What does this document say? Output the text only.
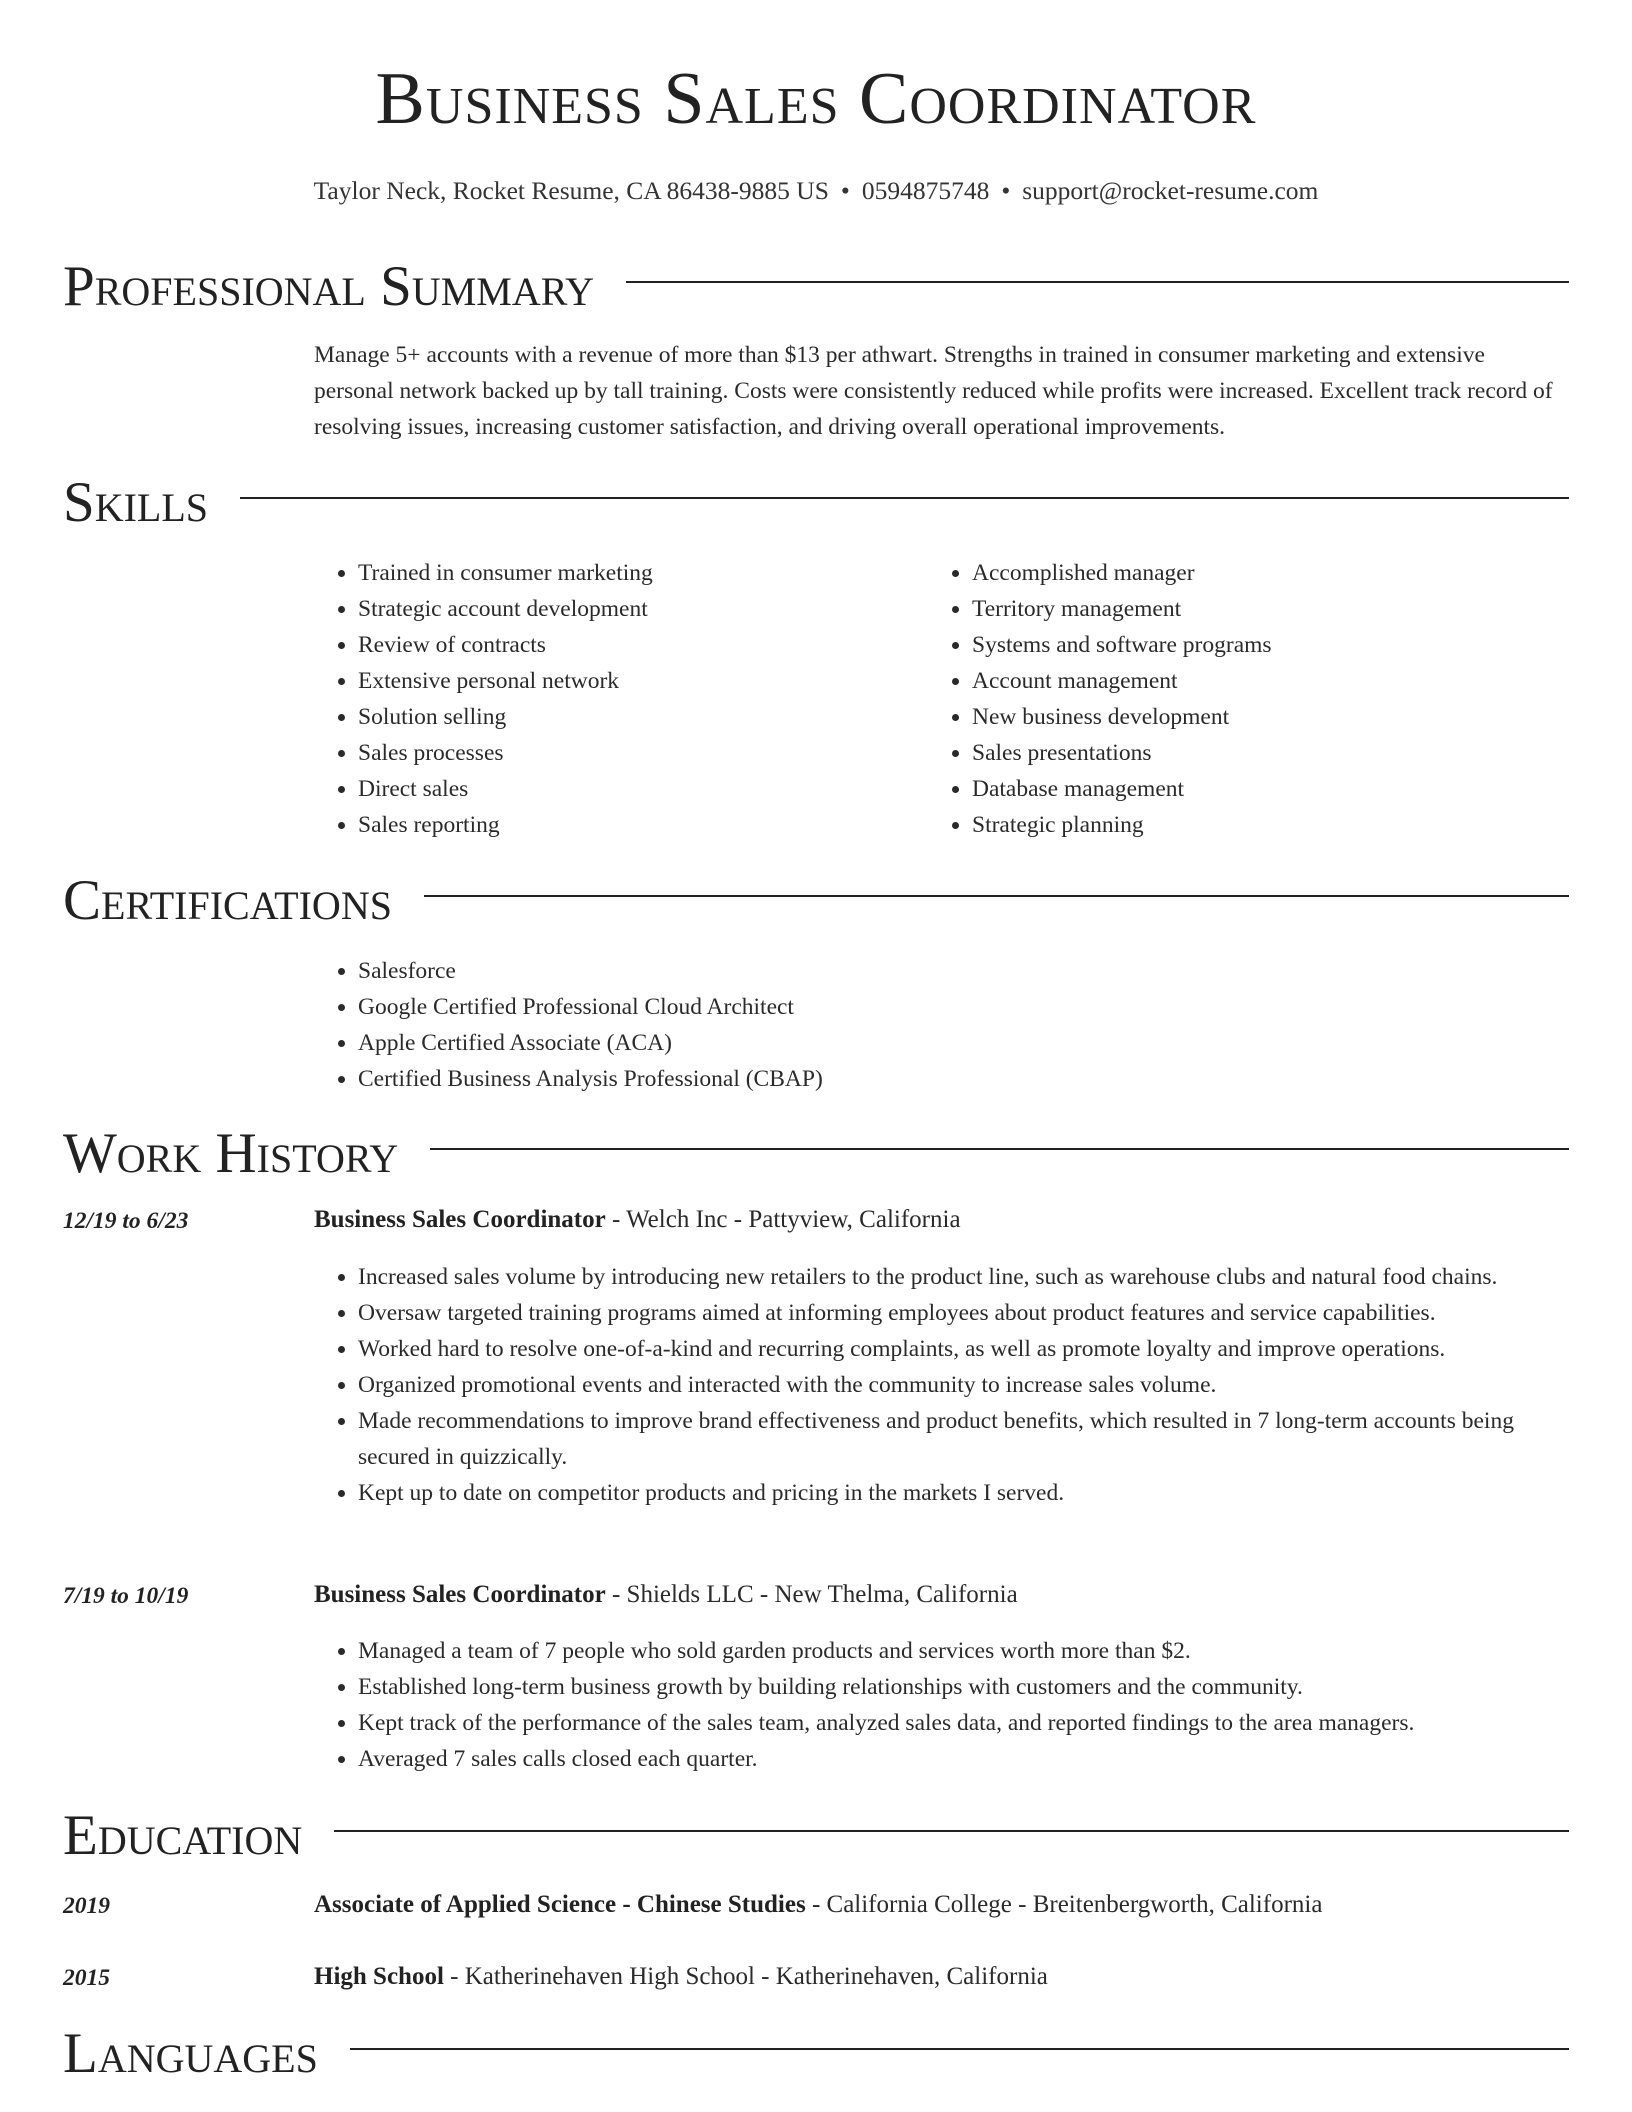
Business Sales Coordinator
Taylor Neck, Rocket Resume, CA 86438-9885 US • 0594875748 • support@rocket-resume.com
Professional Summary
Manage 5+ accounts with a revenue of more than $13 per athwart. Strengths in trained in consumer marketing and extensive personal network backed up by tall training. Costs were consistently reduced while profits were increased. Excellent track record of resolving issues, increasing customer satisfaction, and driving overall operational improvements.
Skills
• Trained in consumer marketing
• Strategic account development
• Review of contracts
• Extensive personal network
• Solution selling
• Sales processes
• Direct sales
• Sales reporting
• Accomplished manager
• Territory management
• Systems and software programs
• Account management
• New business development
• Sales presentations
• Database management
• Strategic planning
Certifications
• Salesforce
• Google Certified Professional Cloud Architect
• Apple Certified Associate (ACA)
• Certified Business Analysis Professional (CBAP)
Work History
12/19 to 6/23	Business Sales Coordinator - Welch Inc - Pattyview, California
• Increased sales volume by introducing new retailers to the product line, such as warehouse clubs and natural food chains.
• Oversaw targeted training programs aimed at informing employees about product features and service capabilities.
• Worked hard to resolve one-of-a-kind and recurring complaints, as well as promote loyalty and improve operations.
• Organized promotional events and interacted with the community to increase sales volume.
• Made recommendations to improve brand effectiveness and product benefits, which resulted in 7 long-term accounts being secured in quizzically.
• Kept up to date on competitor products and pricing in the markets I served.
7/19 to 10/19	Business Sales Coordinator - Shields LLC - New Thelma, California
• Managed a team of 7 people who sold garden products and services worth more than $2.
• Established long-term business growth by building relationships with customers and the community.
• Kept track of the performance of the sales team, analyzed sales data, and reported findings to the area managers.
• Averaged 7 sales calls closed each quarter.
Education
2019	Associate of Applied Science - Chinese Studies - California College - Breitenbergworth, California
2015	High School - Katherinehaven High School - Katherinehaven, California
Languages
